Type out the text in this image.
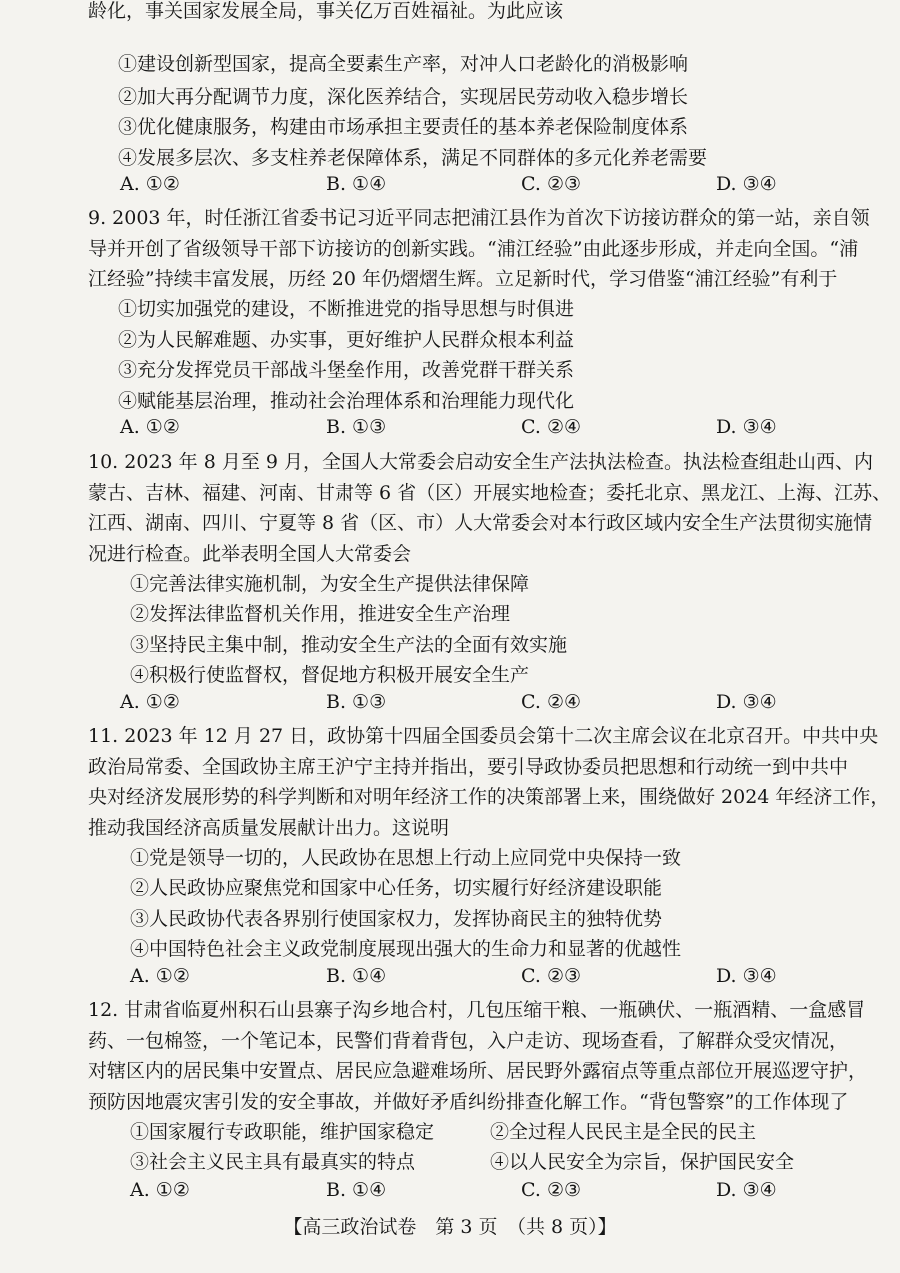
龄化，事关国家发展全局，事关亿万百姓福祉。为此应该
①建设创新型国家，提高全要素生产率，对冲人口老龄化的消极影响
②加大再分配调节力度，深化医养结合，实现居民劳动收入稳步增长
③优化健康服务，构建由市场承担主要责任的基本养老保险制度体系
④发展多层次、多支柱养老保障体系，满足不同群体的多元化养老需要
A. ①②	B. ①④	C. ②③	D. ③④
9. 2003 年，时任浙江省委书记习近平同志把浦江县作为首次下访接访群众的第一站，亲自领
导并开创了省级领导干部下访接访的创新实践。“浦江经验”由此逐步形成，并走向全国。“浦
江经验”持续丰富发展，历经 20 年仍熠熠生辉。立足新时代，学习借鉴“浦江经验”有利于
①切实加强党的建设，不断推进党的指导思想与时俱进
②为人民解难题、办实事，更好维护人民群众根本利益
③充分发挥党员干部战斗堡垒作用，改善党群干群关系
④赋能基层治理，推动社会治理体系和治理能力现代化
A. ①②	B. ①③	C. ②④	D. ③④
10. 2023 年 8 月至 9 月，全国人大常委会启动安全生产法执法检查。执法检查组赴山西、内
蒙古、吉林、福建、河南、甘肃等 6 省（区）开展实地检查；委托北京、黑龙江、上海、江苏、
江西、湖南、四川、宁夏等 8 省（区、市）人大常委会对本行政区域内安全生产法贯彻实施情
况进行检查。此举表明全国人大常委会
①完善法律实施机制，为安全生产提供法律保障
②发挥法律监督机关作用，推进安全生产治理
③坚持民主集中制，推动安全生产法的全面有效实施
④积极行使监督权，督促地方积极开展安全生产
A. ①②	B. ①③	C. ②④	D. ③④
11. 2023 年 12 月 27 日，政协第十四届全国委员会第十二次主席会议在北京召开。中共中央
政治局常委、全国政协主席王沪宁主持并指出，要引导政协委员把思想和行动统一到中共中
央对经济发展形势的科学判断和对明年经济工作的决策部署上来，围绕做好 2024 年经济工作，
推动我国经济高质量发展献计出力。这说明
①党是领导一切的，人民政协在思想上行动上应同党中央保持一致
②人民政协应聚焦党和国家中心任务，切实履行好经济建设职能
③人民政协代表各界别行使国家权力，发挥协商民主的独特优势
④中国特色社会主义政党制度展现出强大的生命力和显著的优越性
A. ①②	B. ①④	C. ②③	D. ③④
12. 甘肃省临夏州积石山县寨子沟乡地合村，几包压缩干粮、一瓶碘伏、一瓶酒精、一盒感冒
药、一包棉签，一个笔记本，民警们背着背包，入户走访、现场查看，了解群众受灾情况，
对辖区内的居民集中安置点、居民应急避难场所、居民野外露宿点等重点部位开展巡逻守护，
预防因地震灾害引发的安全事故，并做好矛盾纠纷排查化解工作。“背包警察”的工作体现了
①国家履行专政职能，维护国家稳定	②全过程人民民主是全民的民主
③社会主义民主具有最真实的特点	④以人民安全为宗旨，保护国民安全
A. ①②	B. ①④	C. ②③	D. ③④
【高三政治试卷　第 3 页　（共 8 页）】
